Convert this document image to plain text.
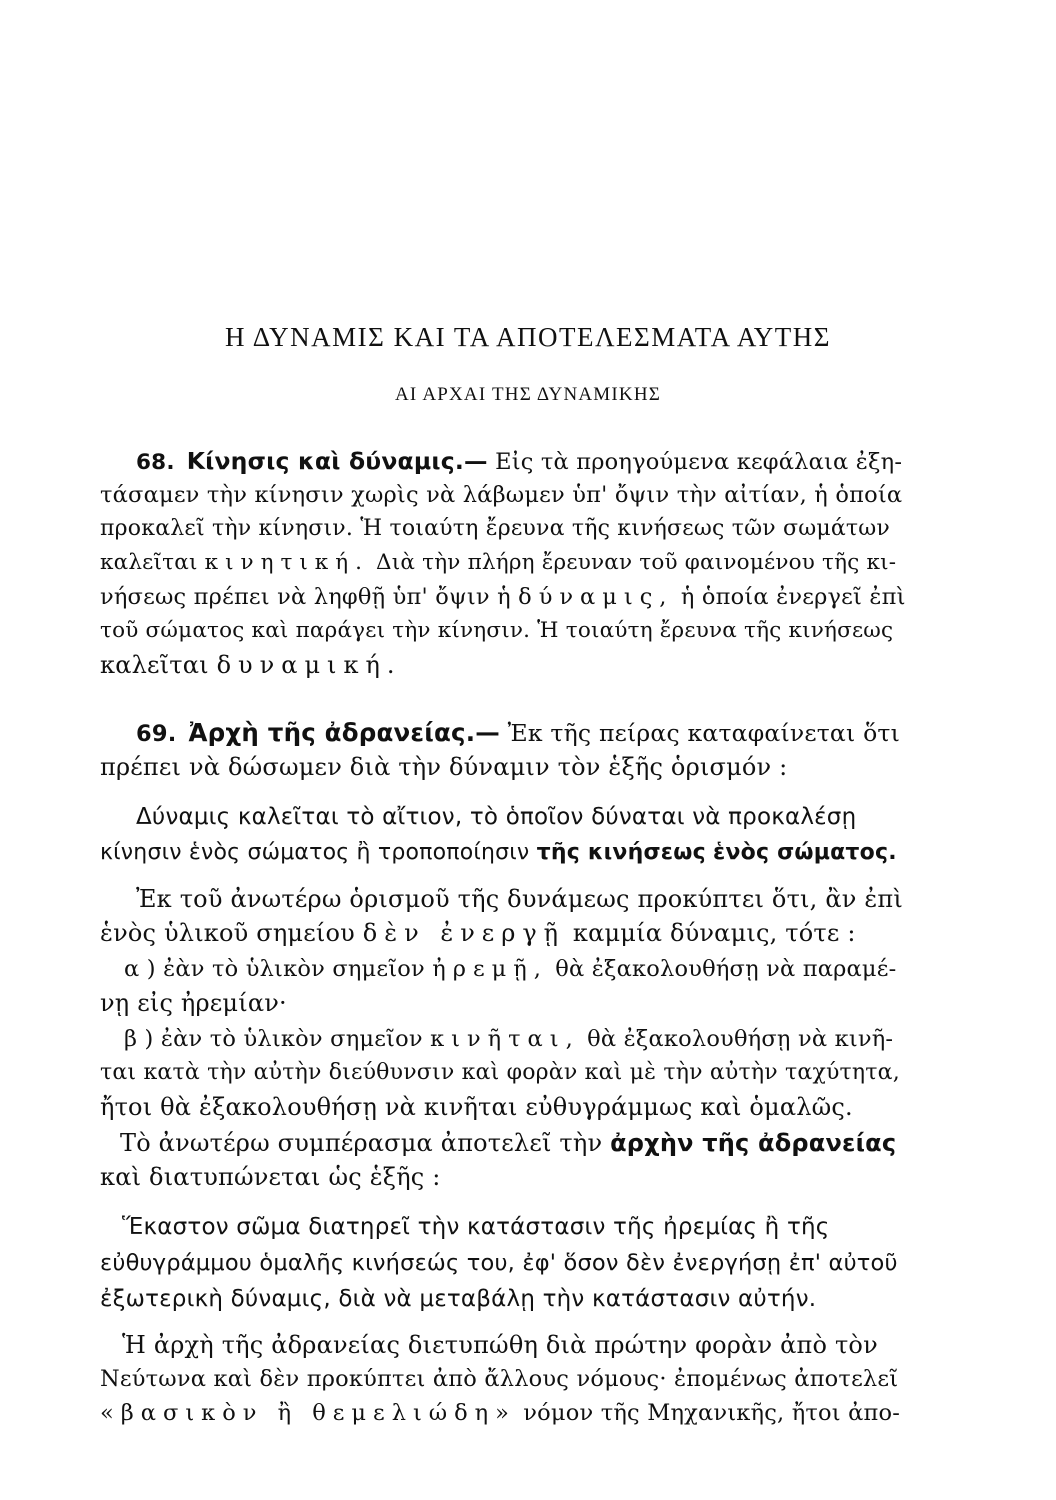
Η ΔΥΝΑΜΙΣ ΚΑΙ ΤΑ ΑΠΟΤΕΛΕΣΜΑΤΑ ΑΥΤΗΣ
ΑΙ ΑΡΧΑΙ ΤΗΣ ΔΥΝΑΜΙΚΗΣ
68. Κίνησις καὶ δύναμις.— Εἰς τὰ προηγούμενα κεφάλαια ἐξη-
τάσαμεν τὴν κίνησιν χωρὶς νὰ λάβωμεν ὑπ' ὄψιν τὴν αἰτίαν, ἡ ὁποία
προκαλεῖ τὴν κίνησιν. Ἡ τοιαύτη ἔρευνα τῆς κινήσεως τῶν σωμάτων
καλεῖται κινητική. Διὰ τὴν πλήρη ἔρευναν τοῦ φαινομένου τῆς κι-
νήσεως πρέπει νὰ ληφθῇ ὑπ' ὄψιν ἡ δύναμις, ἡ ὁποία ἐνεργεῖ ἐπὶ
τοῦ σώματος καὶ παράγει τὴν κίνησιν. Ἡ τοιαύτη ἔρευνα τῆς κινήσεως
καλεῖται δυναμική.
69. Ἀρχὴ τῆς ἀδρανείας.— Ἐκ τῆς πείρας καταφαίνεται ὅτι
πρέπει νὰ δώσωμεν διὰ τὴν δύναμιν τὸν ἑξῆς ὁρισμόν :
Δύναμις καλεῖται τὸ αἴτιον, τὸ ὁποῖον δύναται νὰ προκαλέσῃ
κίνησιν ἑνὸς σώματος ἢ τροποποίησιν τῆς κινήσεως ἑνὸς σώματος.
Ἐκ τοῦ ἀνωτέρω ὁρισμοῦ τῆς δυνάμεως προκύπτει ὅτι, ἂν ἐπὶ
ἑνὸς ὑλικοῦ σημείου δὲν ἐνεργῇ καμμία δύναμις, τότε :
α ) ἐὰν τὸ ὑλικὸν σημεῖον ἠρεμῇ, θὰ ἐξακολουθήσῃ νὰ παραμέ-
νῃ εἰς ἠρεμίαν·
β ) ἐὰν τὸ ὑλικὸν σημεῖον κινῆται, θὰ ἐξακολουθήσῃ νὰ κινῆ-
ται κατὰ τὴν αὐτὴν διεύθυνσιν καὶ φορὰν καὶ μὲ τὴν αὐτὴν ταχύτητα,
ἤτοι θὰ ἐξακολουθήσῃ νὰ κινῆται εὐθυγράμμως καὶ ὁμαλῶς.
Τὸ ἀνωτέρω συμπέρασμα ἀποτελεῖ τὴν ἀρχὴν τῆς ἀδρανείας
καὶ διατυπώνεται ὡς ἑξῆς :
Ἕκαστον σῶμα διατηρεῖ τὴν κατάστασιν τῆς ἠρεμίας ἢ τῆς
εὐθυγράμμου ὁμαλῆς κινήσεώς του, ἐφ' ὅσον δὲν ἐνεργήσῃ ἐπ' αὐτοῦ
ἐξωτερικὴ δύναμις, διὰ νὰ μεταβάλῃ τὴν κατάστασιν αὐτήν.
Ἡ ἀρχὴ τῆς ἀδρανείας διετυπώθη διὰ πρώτην φορὰν ἀπὸ τὸν
Νεύτωνα καὶ δὲν προκύπτει ἀπὸ ἄλλους νόμους· ἐπομένως ἀποτελεῖ
«βασικὸν ἢ θεμελιώδη» νόμον τῆς Μηχανικῆς, ἤτοι ἀπο-
